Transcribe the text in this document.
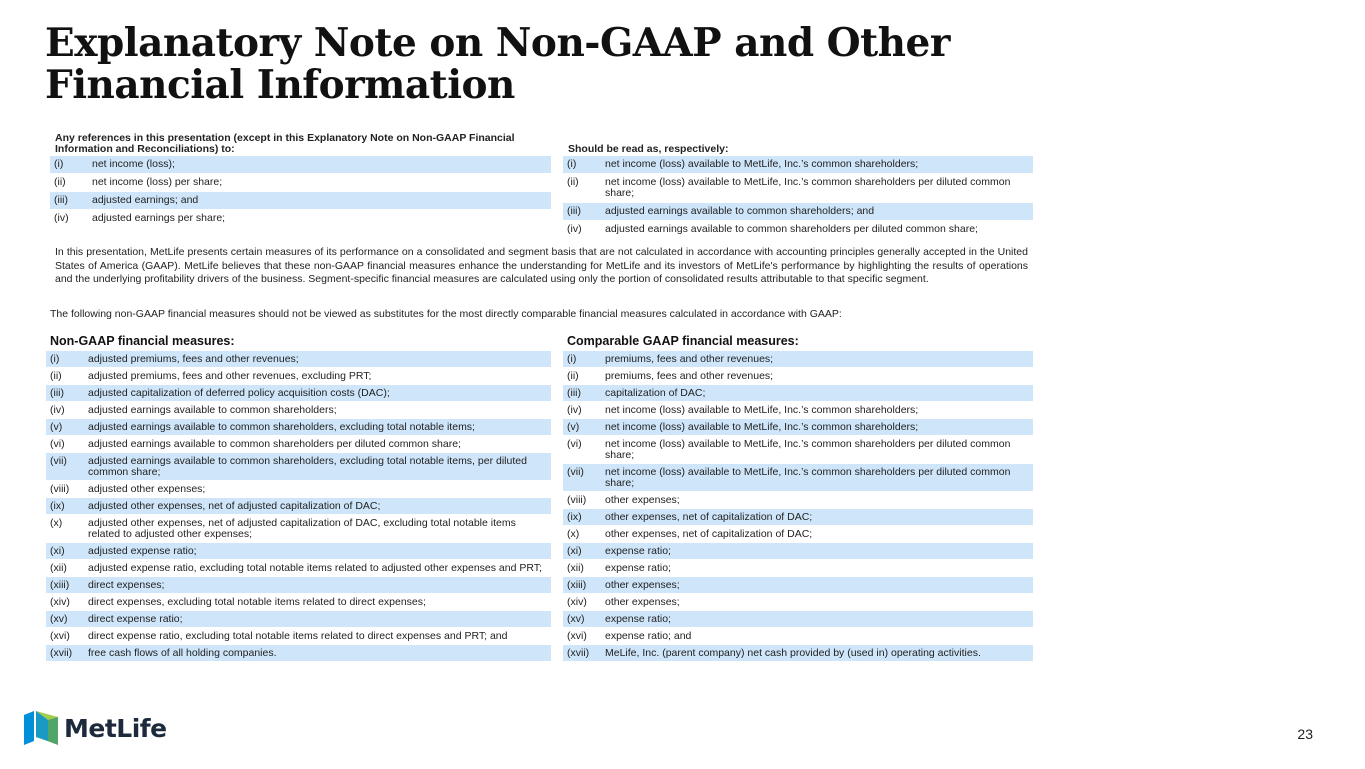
Explanatory Note on Non-GAAP and Other Financial Information
Any references in this presentation (except in this Explanatory Note on Non-GAAP Financial Information and Reconciliations) to:
(i)	net income (loss);
(ii)	net income (loss) per share;
(iii)	adjusted earnings; and
(iv)	adjusted earnings per share;
Should be read as, respectively:
(i)	net income (loss) available to MetLife, Inc.’s common shareholders;
(ii)	net income (loss) available to MetLife, Inc.’s common shareholders per diluted common share;
(iii)	adjusted earnings available to common shareholders; and
(iv)	adjusted earnings available to common shareholders per diluted common share;

In this presentation, MetLife presents certain measures of its performance on a consolidated and segment basis that are not calculated in accordance with accounting principles generally accepted in the United States of America (GAAP). MetLife believes that these non-GAAP financial measures enhance the understanding for MetLife and its investors of MetLife's performance by highlighting the results of operations and the underlying profitability drivers of the business. Segment-specific financial measures are calculated using only the portion of consolidated results attributable to that specific segment.

The following non-GAAP financial measures should not be viewed as substitutes for the most directly comparable financial measures calculated in accordance with GAAP:

Non-GAAP financial measures:
(i)	adjusted premiums, fees and other revenues;
(ii)	adjusted premiums, fees and other revenues, excluding PRT;
(iii)	adjusted capitalization of deferred policy acquisition costs (DAC);
(iv)	adjusted earnings available to common shareholders;
(v)	adjusted earnings available to common shareholders, excluding total notable items;
(vi)	adjusted earnings available to common shareholders per diluted common share;
(vii)	adjusted earnings available to common shareholders, excluding total notable items, per diluted common share;
(viii)	adjusted other expenses;
(ix)	adjusted other expenses, net of adjusted capitalization of DAC;
(x)	adjusted other expenses, net of adjusted capitalization of DAC, excluding total notable items related to adjusted other expenses;
(xi)	adjusted expense ratio;
(xii)	adjusted expense ratio, excluding total notable items related to adjusted other expenses and PRT;
(xiii)	direct expenses;
(xiv)	direct expenses, excluding total notable items related to direct expenses;
(xv)	direct expense ratio;
(xvi)	direct expense ratio, excluding total notable items related to direct expenses and PRT; and
(xvii)	free cash flows of all holding companies.
Comparable GAAP financial measures:
(i)	premiums, fees and other revenues;
(ii)	premiums, fees and other revenues;
(iii)	capitalization of DAC;
(iv)	net income (loss) available to MetLife, Inc.’s common shareholders;
(v)	net income (loss) available to MetLife, Inc.’s common shareholders;
(vi)	net income (loss) available to MetLife, Inc.’s common shareholders per diluted common share;
(vii)	net income (loss) available to MetLife, Inc.’s common shareholders per diluted common share;
(viii)	other expenses;
(ix)	other expenses, net of capitalization of DAC;
(x)	other expenses, net of capitalization of DAC;
(xi)	expense ratio;
(xii)	expense ratio;
(xiii)	other expenses;
(xiv)	other expenses;
(xv)	expense ratio;
(xvi)	expense ratio; and
(xvii)	MeLife, Inc. (parent company) net cash provided by (used in) operating activities.
MetLife	23
